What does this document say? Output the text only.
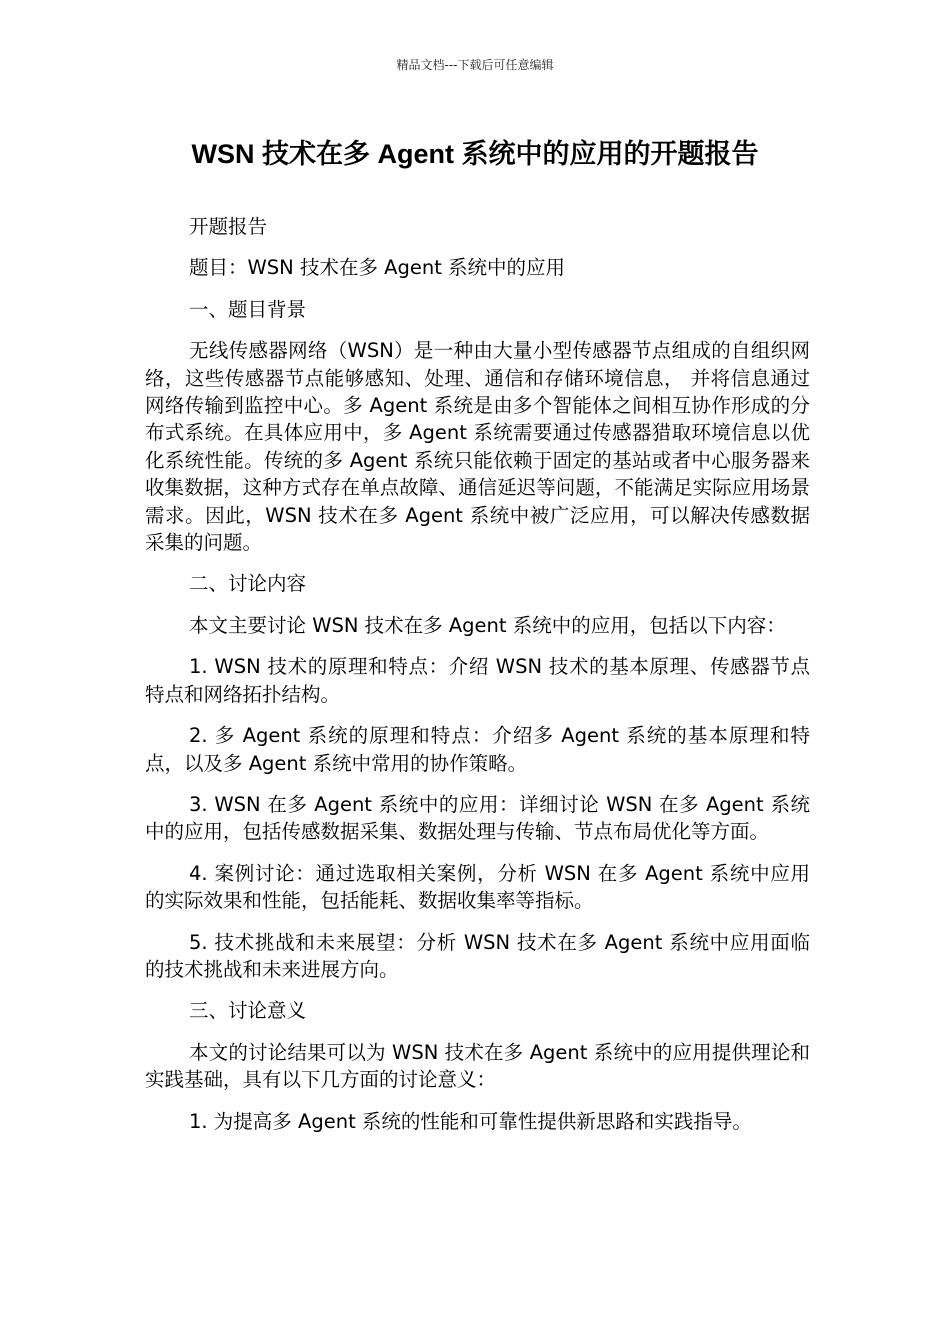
精品文档---下载后可任意编辑
WSN 技术在多 Agent 系统中的应用的开题报告

开题报告

题目：WSN 技术在多 Agent 系统中的应用

一、题目背景

无线传感器网络（WSN）是一种由大量小型传感器节点组成的自组织网络，这些传感器节点能够感知、处理、通信和存储环境信息， 并将信息通过网络传输到监控中心。多 Agent 系统是由多个智能体之间相互协作形成的分布式系统。在具体应用中，多 Agent 系统需要通过传感器猎取环境信息以优化系统性能。传统的多 Agent 系统只能依赖于固定的基站或者中心服务器来收集数据，这种方式存在单点故障、通信延迟等问题，不能满足实际应用场景需求。因此，WSN 技术在多 Agent 系统中被广泛应用，可以解决传感数据采集的问题。

二、讨论内容

本文主要讨论 WSN 技术在多 Agent 系统中的应用，包括以下内容：

1. WSN 技术的原理和特点：介绍 WSN 技术的基本原理、传感器节点特点和网络拓扑结构。

2. 多 Agent 系统的原理和特点：介绍多 Agent 系统的基本原理和特点，以及多 Agent 系统中常用的协作策略。

3. WSN 在多 Agent 系统中的应用：详细讨论 WSN 在多 Agent 系统中的应用，包括传感数据采集、数据处理与传输、节点布局优化等方面。

4. 案例讨论：通过选取相关案例，分析 WSN 在多 Agent 系统中应用的实际效果和性能，包括能耗、数据收集率等指标。

5. 技术挑战和未来展望：分析 WSN 技术在多 Agent 系统中应用面临的技术挑战和未来进展方向。

三、讨论意义

本文的讨论结果可以为 WSN 技术在多 Agent 系统中的应用提供理论和实践基础，具有以下几方面的讨论意义：

1. 为提高多 Agent 系统的性能和可靠性提供新思路和实践指导。
